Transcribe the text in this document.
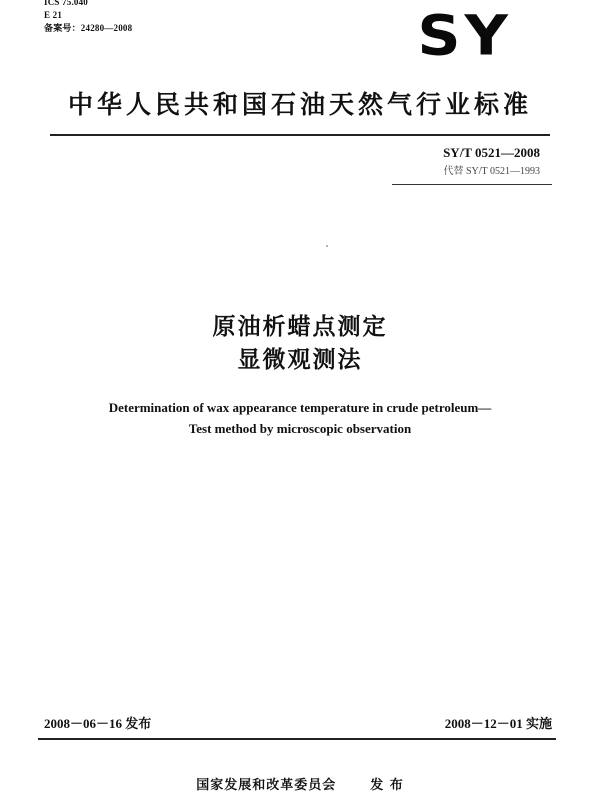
ICS 75.040
E 21
备案号：24280—2008	SY
中华人民共和国石油天然气行业标准
SY/T 0521—2008
代替 SY/T 0521—1993
原油析蜡点测定
显微观测法
Determination of wax appearance temperature in crude petroleum—
Test method by microscopic observation
2008－06－16 发布	2008－12－01 实施
国家发展和改革委员会	发 布
